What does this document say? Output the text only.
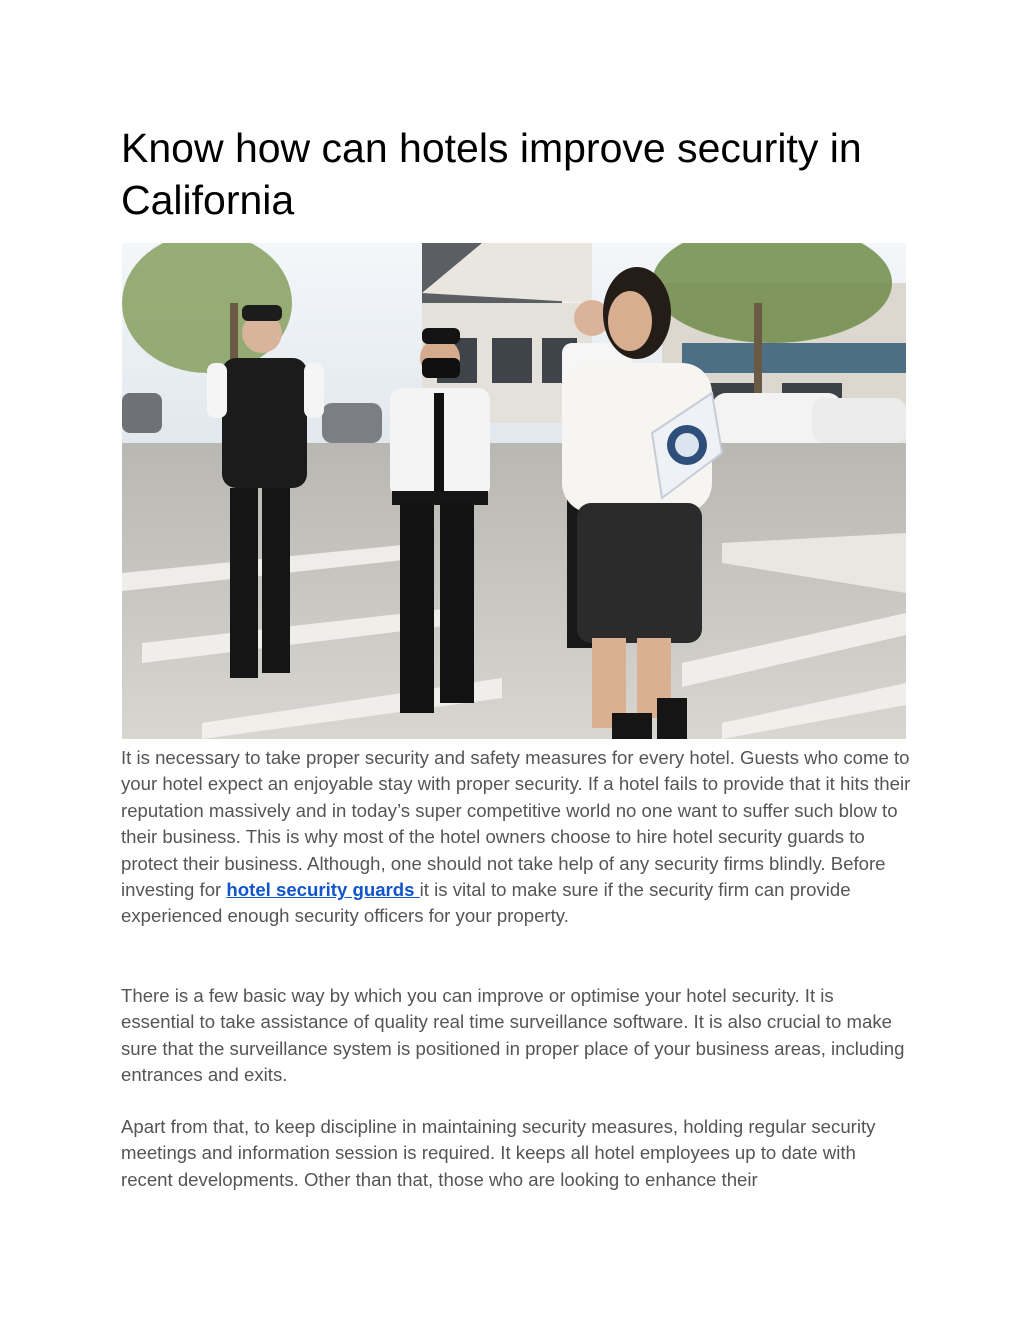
Know how can hotels improve security in California

It is necessary to take proper security and safety measures for every hotel. Guests who come to your hotel expect an enjoyable stay with proper security. If a hotel fails to provide that it hits their reputation massively and in today’s super competitive world no one want to suffer such blow to their business. This is why most of the hotel owners choose to hire hotel security guards to protect their business. Although, one should not take help of any security firms blindly. Before investing for hotel security guards it is vital to make sure if the security firm can provide experienced enough security officers for your property.

There is a few basic way by which you can improve or optimise your hotel security. It is essential to take assistance of quality real time surveillance software. It is also crucial to make sure that the surveillance system is positioned in proper place of your business areas, including entrances and exits.

Apart from that, to keep discipline in maintaining security measures, holding regular security meetings and information session is required. It keeps all hotel employees up to date with recent developments. Other than that, those who are looking to enhance their
